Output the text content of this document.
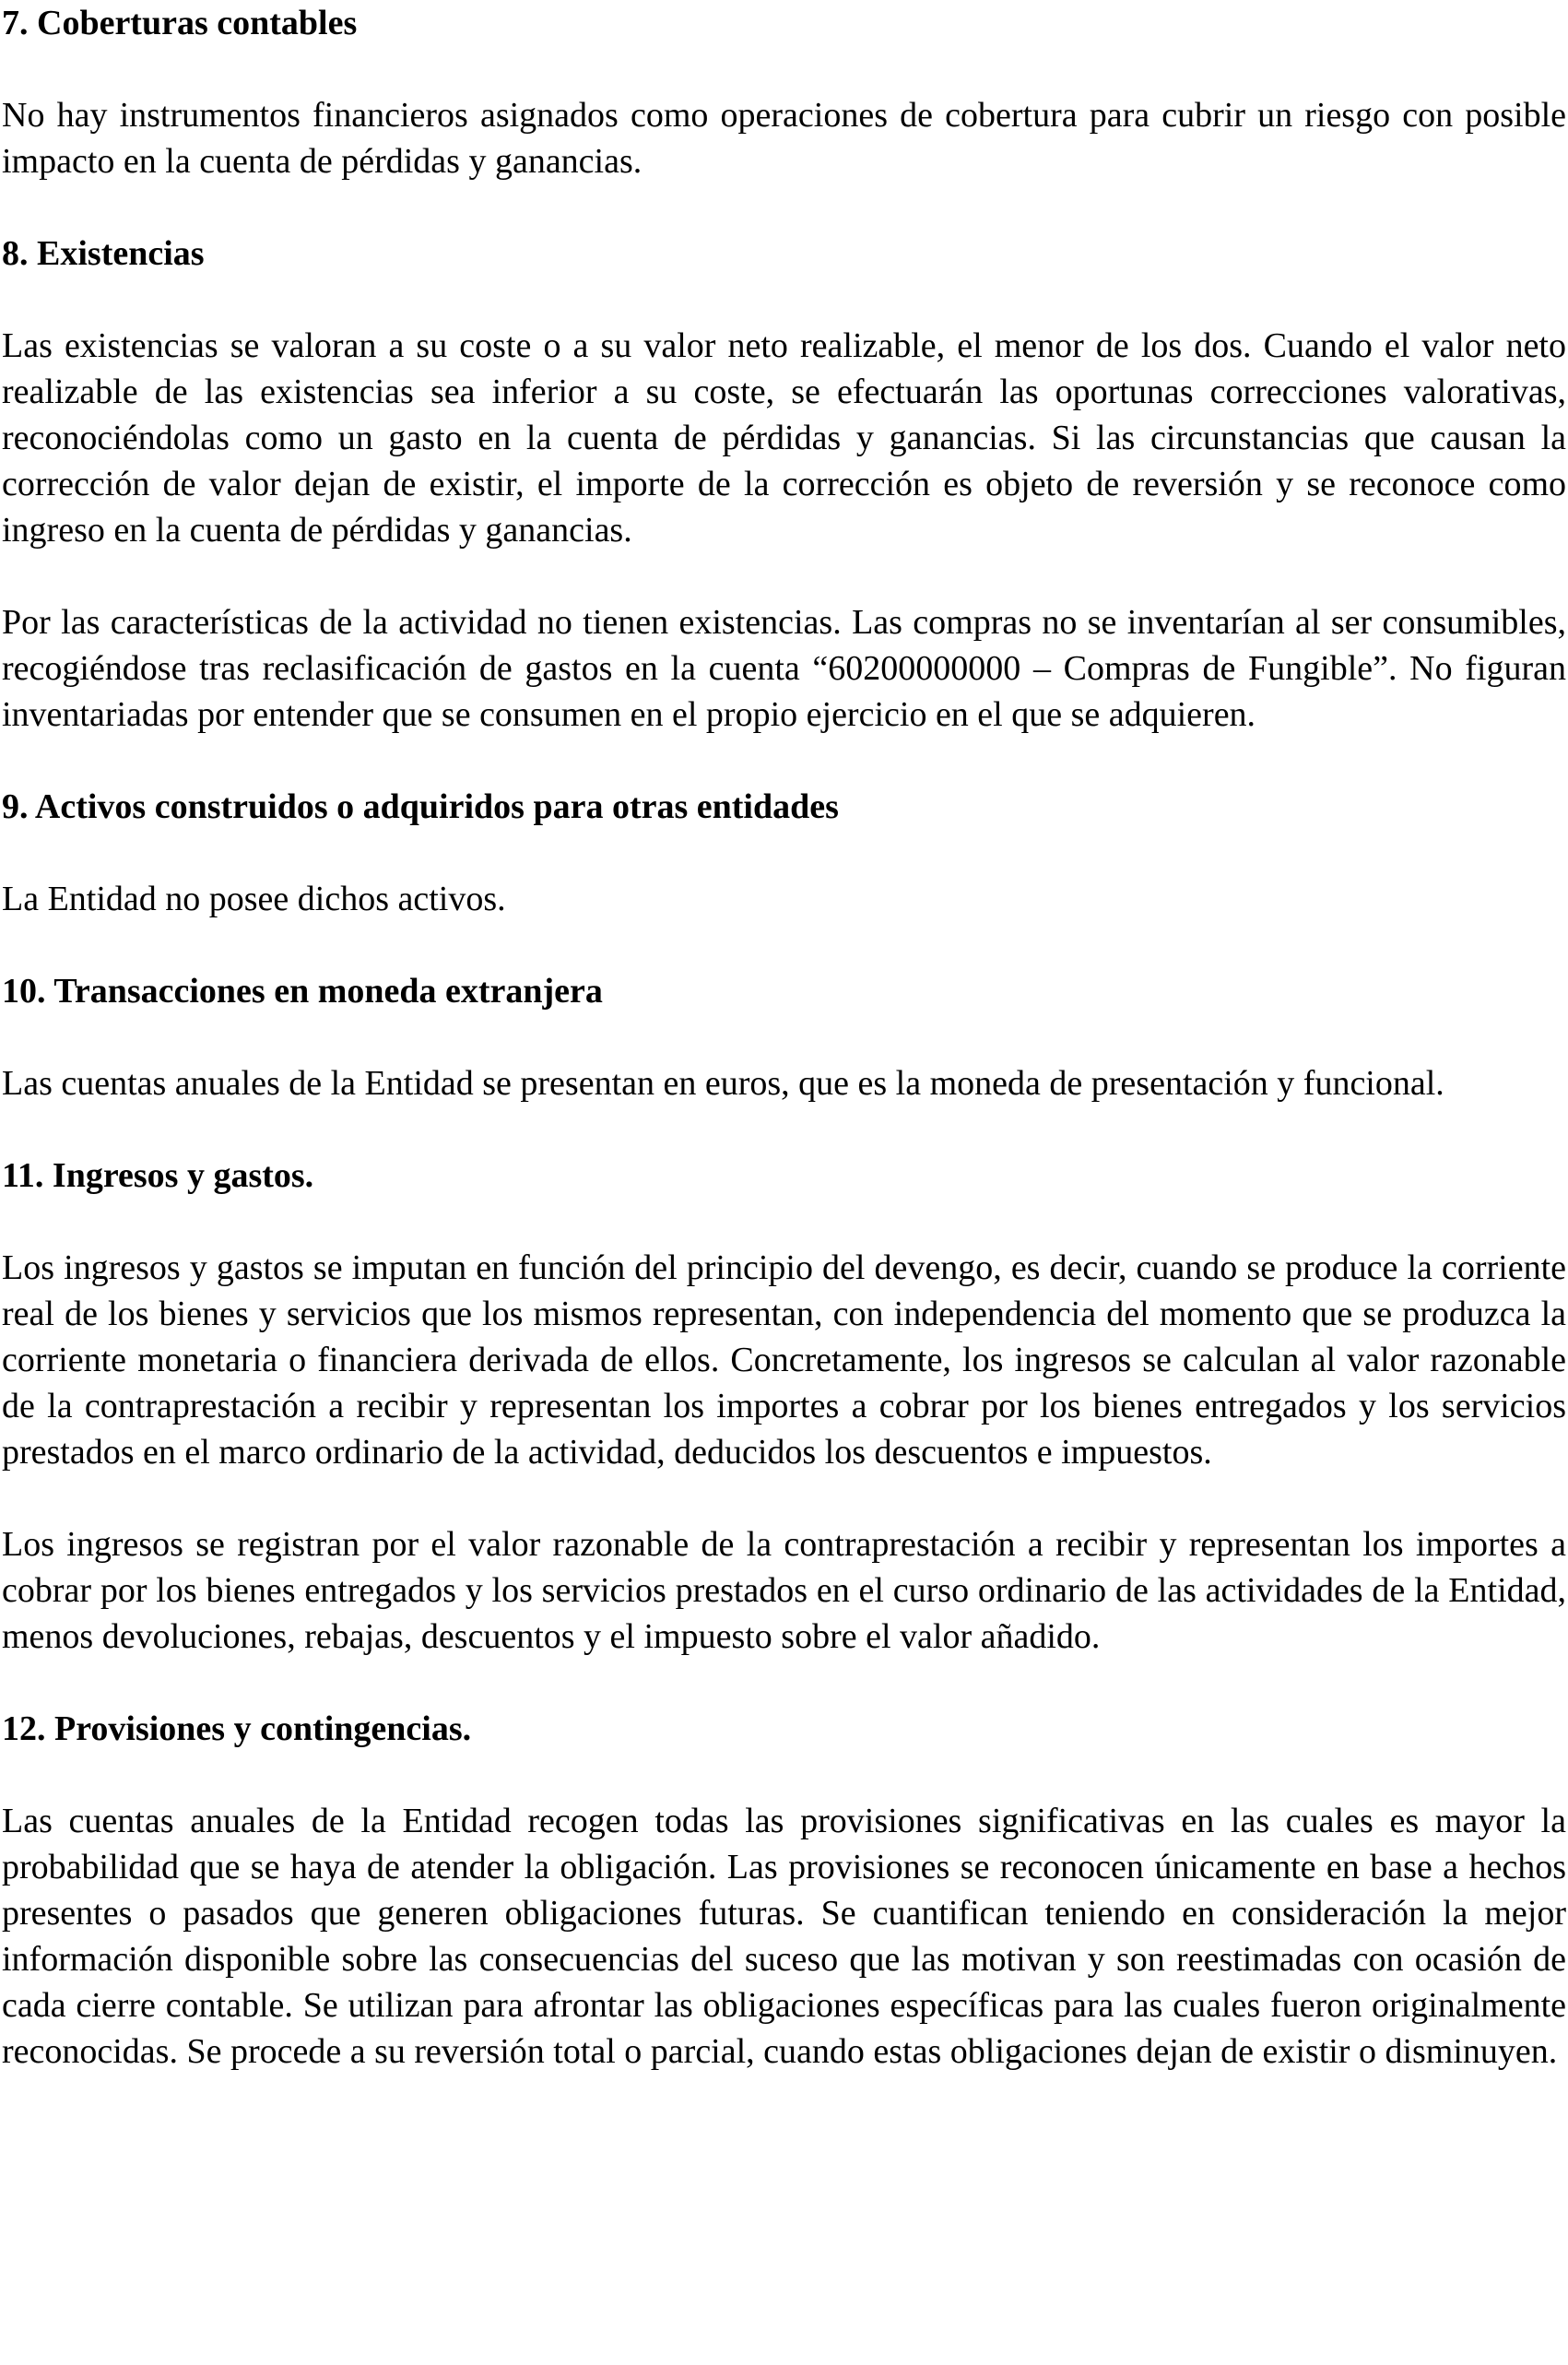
7. Coberturas contables

No hay instrumentos financieros asignados como operaciones de cobertura para cubrir un riesgo con posible impacto en la cuenta de pérdidas y ganancias.

8. Existencias

Las existencias se valoran a su coste o a su valor neto realizable, el menor de los dos. Cuando el valor neto realizable de las existencias sea inferior a su coste, se efectuarán las oportunas correcciones valorativas, reconociéndolas como un gasto en la cuenta de pérdidas y ganancias. Si las circunstancias que causan la corrección de valor dejan de existir, el importe de la corrección es objeto de reversión y se reconoce como ingreso en la cuenta de pérdidas y ganancias.

Por las características de la actividad no tienen existencias. Las compras no se inventarían al ser consumibles, recogiéndose tras reclasificación de gastos en la cuenta “60200000000 – Compras de Fungible”. No figuran inventariadas por entender que se consumen en el propio ejercicio en el que se adquieren.

9. Activos construidos o adquiridos para otras entidades

La Entidad no posee dichos activos.

10. Transacciones en moneda extranjera

Las cuentas anuales de la Entidad se presentan en euros, que es la moneda de presentación y funcional.

11. Ingresos y gastos.

Los ingresos y gastos se imputan en función del principio del devengo, es decir, cuando se produce la corriente real de los bienes y servicios que los mismos representan, con independencia del momento que se produzca la corriente monetaria o financiera derivada de ellos. Concretamente, los ingresos se calculan al valor razonable de la contraprestación a recibir y representan los importes a cobrar por los bienes entregados y los servicios prestados en el marco ordinario de la actividad, deducidos los descuentos e impuestos.

Los ingresos se registran por el valor razonable de la contraprestación a recibir y representan los importes a cobrar por los bienes entregados y los servicios prestados en el curso ordinario de las actividades de la Entidad, menos devoluciones, rebajas, descuentos y el impuesto sobre el valor añadido.

12. Provisiones y contingencias.

Las cuentas anuales de la Entidad recogen todas las provisiones significativas en las cuales es mayor la probabilidad que se haya de atender la obligación. Las provisiones se reconocen únicamente en base a hechos presentes o pasados que generen obligaciones futuras. Se cuantifican teniendo en consideración la mejor información disponible sobre las consecuencias del suceso que las motivan y son reestimadas con ocasión de cada cierre contable. Se utilizan para afrontar las obligaciones específicas para las cuales fueron originalmente reconocidas. Se procede a su reversión total o parcial, cuando estas obligaciones dejan de existir o disminuyen.
